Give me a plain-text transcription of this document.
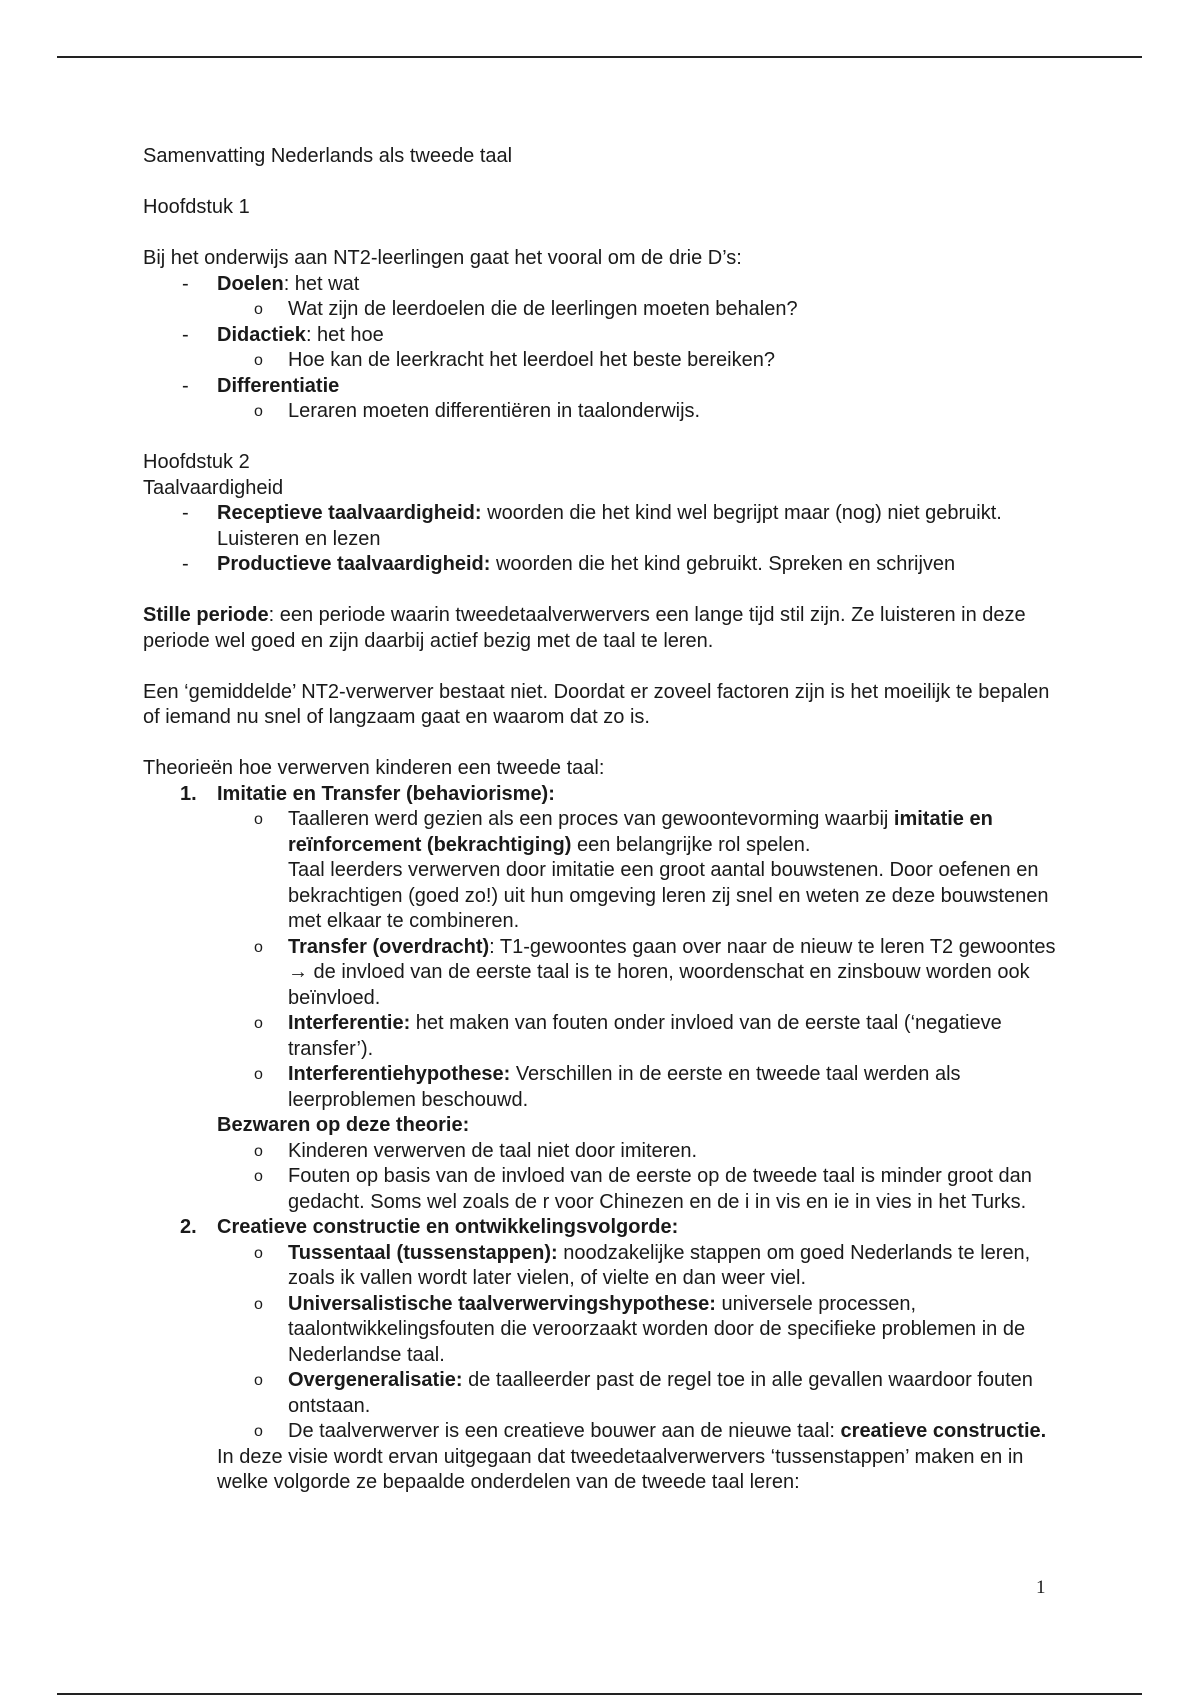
Samenvatting Nederlands als tweede taal
Hoofdstuk 1
Bij het onderwijs aan NT2-leerlingen gaat het vooral om de drie D’s:
- Doelen: het wat
o Wat zijn de leerdoelen die de leerlingen moeten behalen?
- Didactiek: het hoe
o Hoe kan de leerkracht het leerdoel het beste bereiken?
- Differentiatie
o Leraren moeten differentiëren in taalonderwijs.
Hoofdstuk 2
Taalvaardigheid
- Receptieve taalvaardigheid: woorden die het kind wel begrijpt maar (nog) niet gebruikt. Luisteren en lezen
- Productieve taalvaardigheid: woorden die het kind gebruikt. Spreken en schrijven
Stille periode: een periode waarin tweedetaalverwervers een lange tijd stil zijn. Ze luisteren in deze periode wel goed en zijn daarbij actief bezig met de taal te leren.
Een ‘gemiddelde’ NT2-verwerver bestaat niet. Doordat er zoveel factoren zijn is het moeilijk te bepalen of iemand nu snel of langzaam gaat en waarom dat zo is.
Theorieën hoe verwerven kinderen een tweede taal:
1. Imitatie en Transfer (behaviorisme):
o Taalleren werd gezien als een proces van gewoontevorming waarbij imitatie en reïnforcement (bekrachtiging) een belangrijke rol spelen.
Taal leerders verwerven door imitatie een groot aantal bouwstenen. Door oefenen en bekrachtigen (goed zo!) uit hun omgeving leren zij snel en weten ze deze bouwstenen met elkaar te combineren.
o Transfer (overdracht): T1-gewoontes gaan over naar de nieuw te leren T2 gewoontes → de invloed van de eerste taal is te horen, woordenschat en zinsbouw worden ook beïnvloed.
o Interferentie: het maken van fouten onder invloed van de eerste taal (‘negatieve transfer’).
o Interferentiehypothese: Verschillen in de eerste en tweede taal werden als leerproblemen beschouwd.
Bezwaren op deze theorie:
o Kinderen verwerven de taal niet door imiteren.
o Fouten op basis van de invloed van de eerste op de tweede taal is minder groot dan gedacht. Soms wel zoals de r voor Chinezen en de i in vis en ie in vies in het Turks.
2. Creatieve constructie en ontwikkelingsvolgorde:
o Tussentaal (tussenstappen): noodzakelijke stappen om goed Nederlands te leren, zoals ik vallen wordt later vielen, of vielte en dan weer viel.
o Universalistische taalverwervingshypothese: universele processen, taalontwikkelingsfouten die veroorzaakt worden door de specifieke problemen in de Nederlandse taal.
o Overgeneralisatie: de taalleerder past de regel toe in alle gevallen waardoor fouten ontstaan.
o De taalverwerver is een creatieve bouwer aan de nieuwe taal: creatieve constructie.
In deze visie wordt ervan uitgegaan dat tweedetaalverwervers ‘tussenstappen’ maken en in welke volgorde ze bepaalde onderdelen van de tweede taal leren:
1
